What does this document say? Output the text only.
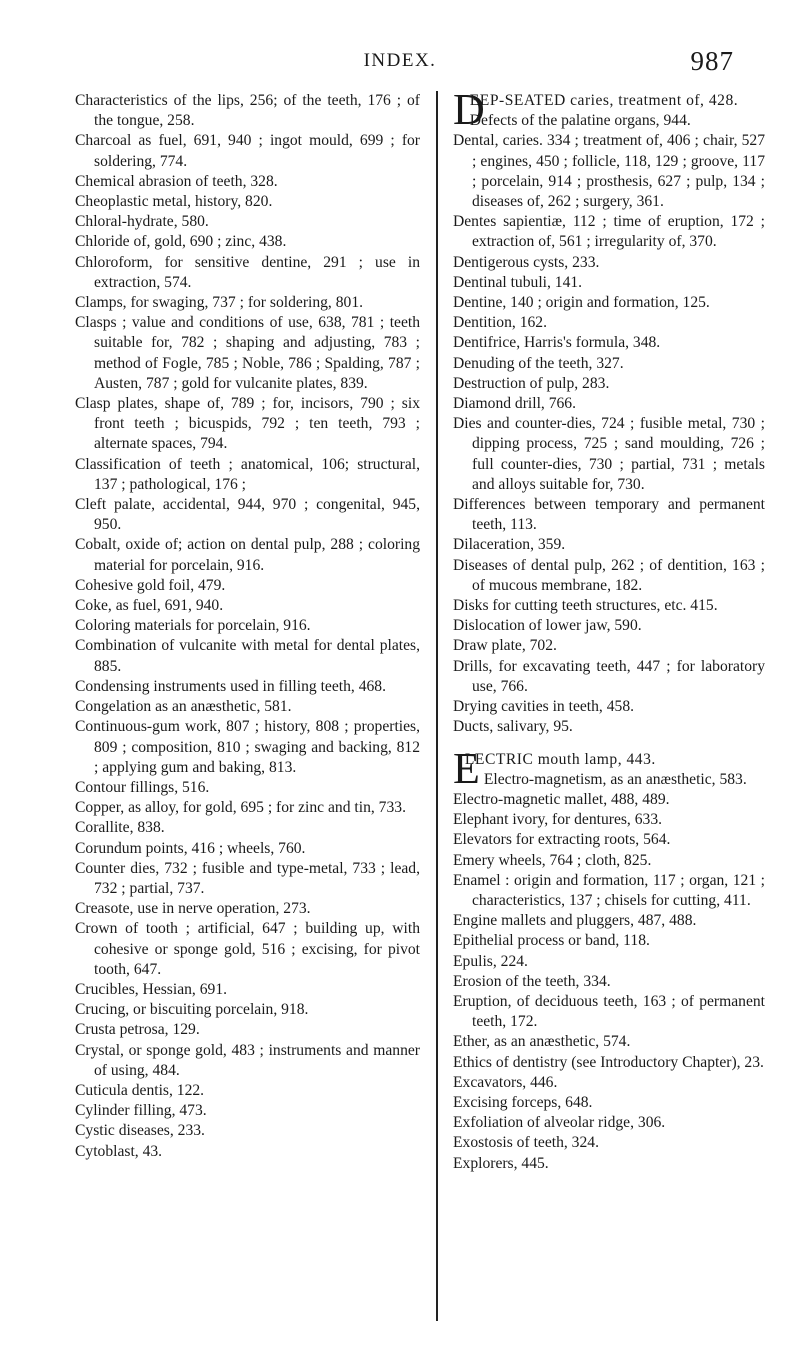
INDEX.	987

Characteristics of the lips, 256; of the teeth, 176 ; of the tongue, 258.

Charcoal as fuel, 691, 940 ; ingot mould, 699 ; for soldering, 774.

Chemical abrasion of teeth, 328.

Cheoplastic metal, history, 820.

Chloral-hydrate, 580.

Chloride of, gold, 690 ; zinc, 438.

Chloroform, for sensitive dentine, 291 ; use in extraction, 574.

Clamps, for swaging, 737 ; for soldering, 801.

Clasps ; value and conditions of use, 638, 781 ; teeth suitable for, 782 ; shaping and adjusting, 783 ; method of Fogle, 785 ; Noble, 786 ; Spalding, 787 ; Austen, 787 ; gold for vulcanite plates, 839.

Clasp plates, shape of, 789 ; for, incisors, 790 ; six front teeth ; bicuspids, 792 ; ten teeth, 793 ; alternate spaces, 794.

Classification of teeth ; anatomical, 106; structural, 137 ; pathological, 176 ;

Cleft palate, accidental, 944, 970 ; congenital, 945, 950.

Cobalt, oxide of; action on dental pulp, 288 ; coloring material for porcelain, 916.

Cohesive gold foil, 479.

Coke, as fuel, 691, 940.

Coloring materials for porcelain, 916.

Combination of vulcanite with metal for dental plates, 885.

Condensing instruments used in filling teeth, 468.

Congelation as an anæsthetic, 581.

Continuous-gum work, 807 ; history, 808 ; properties, 809 ; composition, 810 ; swaging and backing, 812 ; applying gum and baking, 813.

Contour fillings, 516.

Copper, as alloy, for gold, 695 ; for zinc and tin, 733.

Corallite, 838.

Corundum points, 416 ; wheels, 760.

Counter dies, 732 ; fusible and type-metal, 733 ; lead, 732 ; partial, 737.

Creasote, use in nerve operation, 273.

Crown of tooth ; artificial, 647 ; building up, with cohesive or sponge gold, 516 ; excising, for pivot tooth, 647.

Crucibles, Hessian, 691.

Crucing, or biscuiting porcelain, 918.

Crusta petrosa, 129.

Crystal, or sponge gold, 483 ; instruments and manner of using, 484.

Cuticula dentis, 122.

Cylinder filling, 473.

Cystic diseases, 233.

Cytoblast, 43.

D
EEP-SEATED caries, treatment of, 428.

Defects of the palatine organs, 944.

Dental, caries. 334 ; treatment of, 406 ; chair, 527 ; engines, 450 ; follicle, 118, 129 ; groove, 117 ; porcelain, 914 ; prosthesis, 627 ; pulp, 134 ; diseases of, 262 ; surgery, 361.

Dentes sapientiæ, 112 ; time of eruption, 172 ; extraction of, 561 ; irregularity of, 370.

Dentigerous cysts, 233.

Dentinal tubuli, 141.

Dentine, 140 ; origin and formation, 125.

Dentition, 162.

Dentifrice, Harris's formula, 348.

Denuding of the teeth, 327.

Destruction of pulp, 283.

Diamond drill, 766.

Dies and counter-dies, 724 ; fusible metal, 730 ; dipping process, 725 ; sand moulding, 726 ; full counter-dies, 730 ; partial, 731 ; metals and alloys suitable for, 730.

Differences between temporary and permanent teeth, 113.

Dilaceration, 359.

Diseases of dental pulp, 262 ; of dentition, 163 ; of mucous membrane, 182.

Disks for cutting teeth structures, etc. 415.

Dislocation of lower jaw, 590.

Draw plate, 702.

Drills, for excavating teeth, 447 ; for laboratory use, 766.

Drying cavities in teeth, 458.

Ducts, salivary, 95.

E
LECTRIC mouth lamp, 443.
Electro-magnetism, as an anæsthetic, 583.

Electro-magnetic mallet, 488, 489.

Elephant ivory, for dentures, 633.

Elevators for extracting roots, 564.

Emery wheels, 764 ; cloth, 825.

Enamel : origin and formation, 117 ; organ, 121 ; characteristics, 137 ; chisels for cutting, 411.

Engine mallets and pluggers, 487, 488.

Epithelial process or band, 118.

Epulis, 224.

Erosion of the teeth, 334.

Eruption, of deciduous teeth, 163 ; of permanent teeth, 172.

Ether, as an anæsthetic, 574.

Ethics of dentistry (see Introductory Chapter), 23.

Excavators, 446.

Excising forceps, 648.

Exfoliation of alveolar ridge, 306.

Exostosis of teeth, 324.

Explorers, 445.
